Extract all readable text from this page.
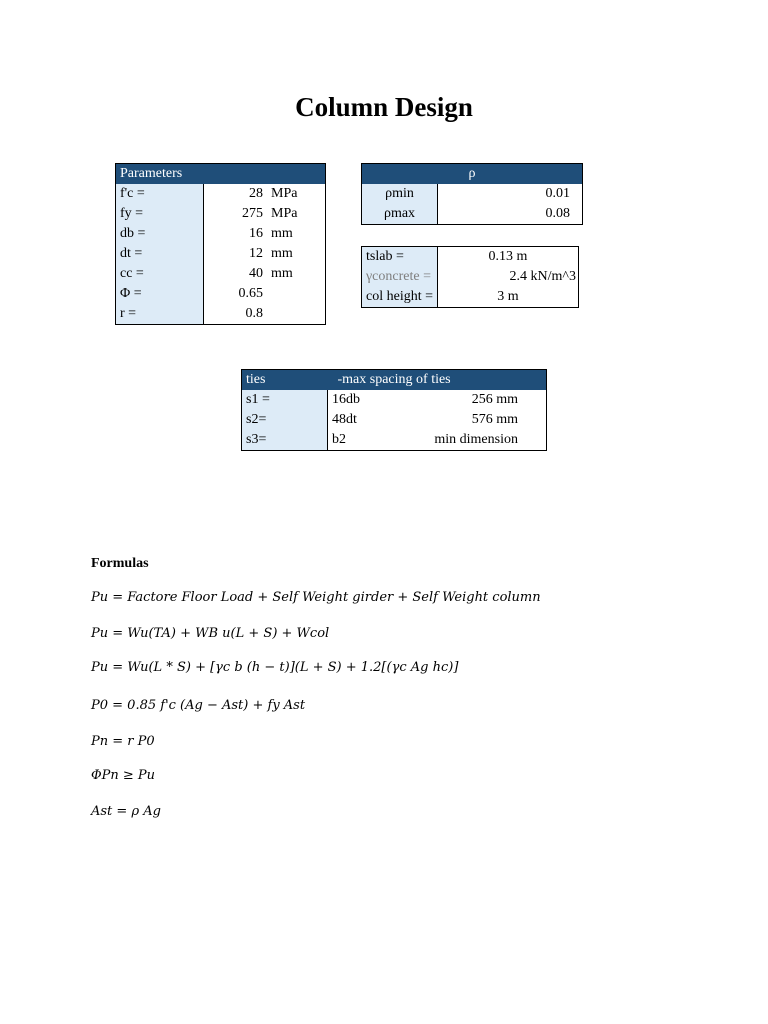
Column Design
Parameters		
f'c =	28	MPa
fy =	275	MPa
db =	16	mm
dt =	12	mm
cc =	40	mm
Φ =	0.65	
r =	0.8	
ρ	
ρmin	0.01
ρmax	0.08
tslab =	0.13 m
γconcrete =	2.4 kN/m^3
col height =	3 m
ties	-max spacing of ties	
s1 =	16db	256 mm
s2=	48dt	576 mm
s3=	b2	min dimension
Formulas
Pu = Factore Floor Load + Self Weight girder + Self Weight column
Pu = Wu(TA) + WB u(L + S) + Wcol
Pu = Wu(L * S) + [γc b (h − t)](L + S) + 1.2[(γc Ag hc)]
P0 = 0.85 f'c (Ag − Ast) + fy Ast
Pn = r P0
ΦPn ≥ Pu
Ast = ρ Ag
